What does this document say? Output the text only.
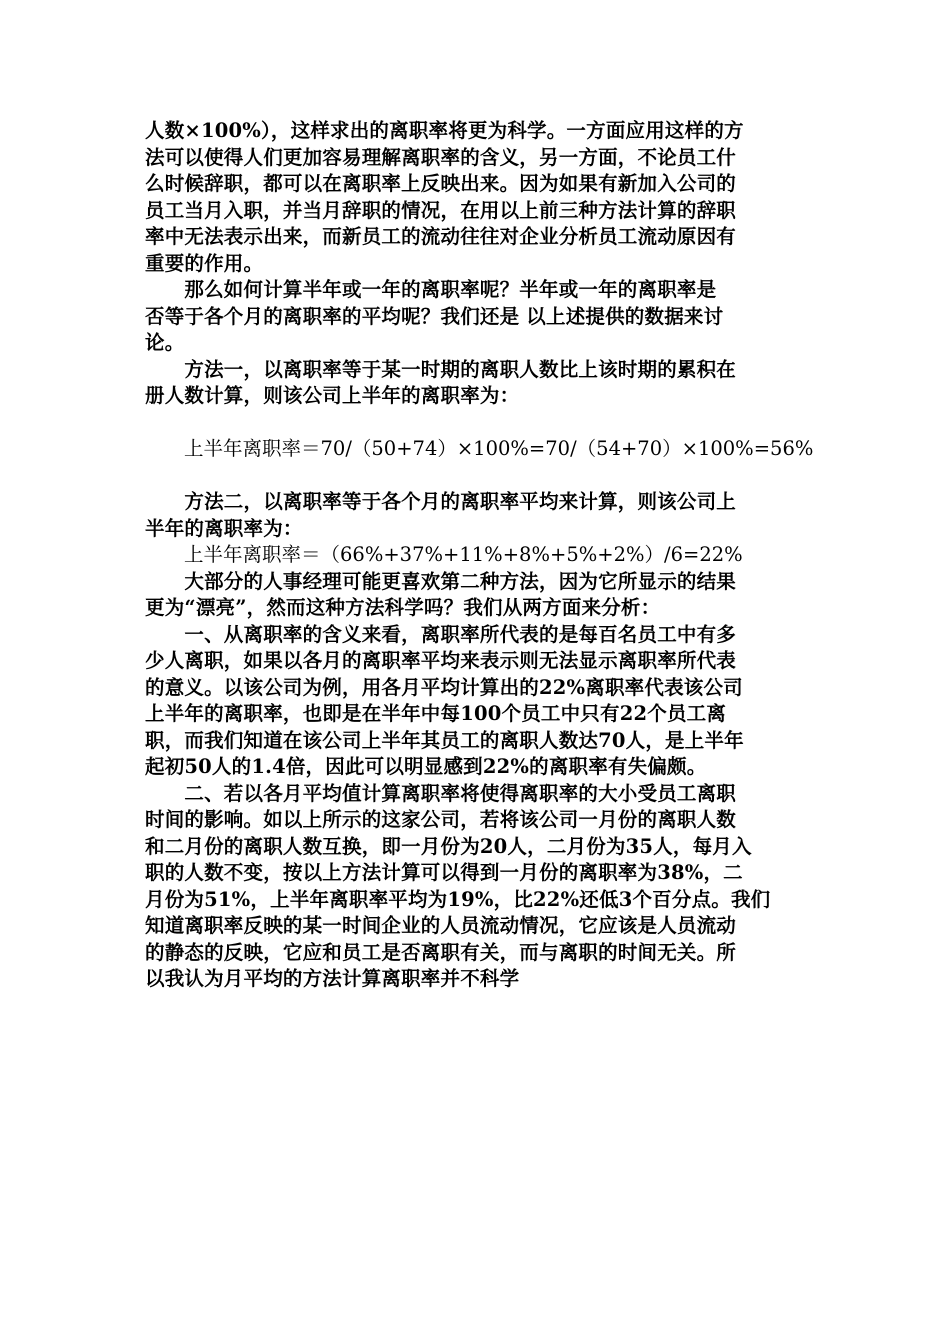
人数×100%），这样求出的离职率将更为科学。一方面应用这样的方
法可以使得人们更加容易理解离职率的含义，另一方面，不论员工什
么时候辞职，都可以在离职率上反映出来。因为如果有新加入公司的
员工当月入职，并当月辞职的情况，在用以上前三种方法计算的辞职
率中无法表示出来，而新员工的流动往往对企业分析员工流动原因有
重要的作用。
　　那么如何计算半年或一年的离职率呢？半年或一年的离职率是
否等于各个月的离职率的平均呢？我们还是 以上述提供的数据来讨
论。
　　方法一，以离职率等于某一时期的离职人数比上该时期的累积在
册人数计算，则该公司上半年的离职率为：
　　上半年离职率＝70/（50+74）×100%=70/（54+70）×100%=56%
　　方法二，以离职率等于各个月的离职率平均来计算，则该公司上
半年的离职率为：
　　上半年离职率＝（66%+37%+11%+8%+5%+2%）/6=22%
　　大部分的人事经理可能更喜欢第二种方法，因为它所显示的结果
更为“漂亮”，然而这种方法科学吗？我们从两方面来分析：
　　一、从离职率的含义来看，离职率所代表的是每百名员工中有多
少人离职，如果以各月的离职率平均来表示则无法显示离职率所代表
的意义。以该公司为例，用各月平均计算出的22%离职率代表该公司
上半年的离职率，也即是在半年中每100个员工中只有22个员工离
职，而我们知道在该公司上半年其员工的离职人数达70人，是上半年
起初50人的1.4倍，因此可以明显感到22%的离职率有失偏颇。
　　二、若以各月平均值计算离职率将使得离职率的大小受员工离职
时间的影响。如以上所示的这家公司，若将该公司一月份的离职人数
和二月份的离职人数互换，即一月份为20人，二月份为35人，每月入
职的人数不变，按以上方法计算可以得到一月份的离职率为38%，二
月份为51%，上半年离职率平均为19%，比22%还低3个百分点。我们
知道离职率反映的某一时间企业的人员流动情况，它应该是人员流动
的静态的反映，它应和员工是否离职有关，而与离职的时间无关。所
以我认为月平均的方法计算离职率并不科学
